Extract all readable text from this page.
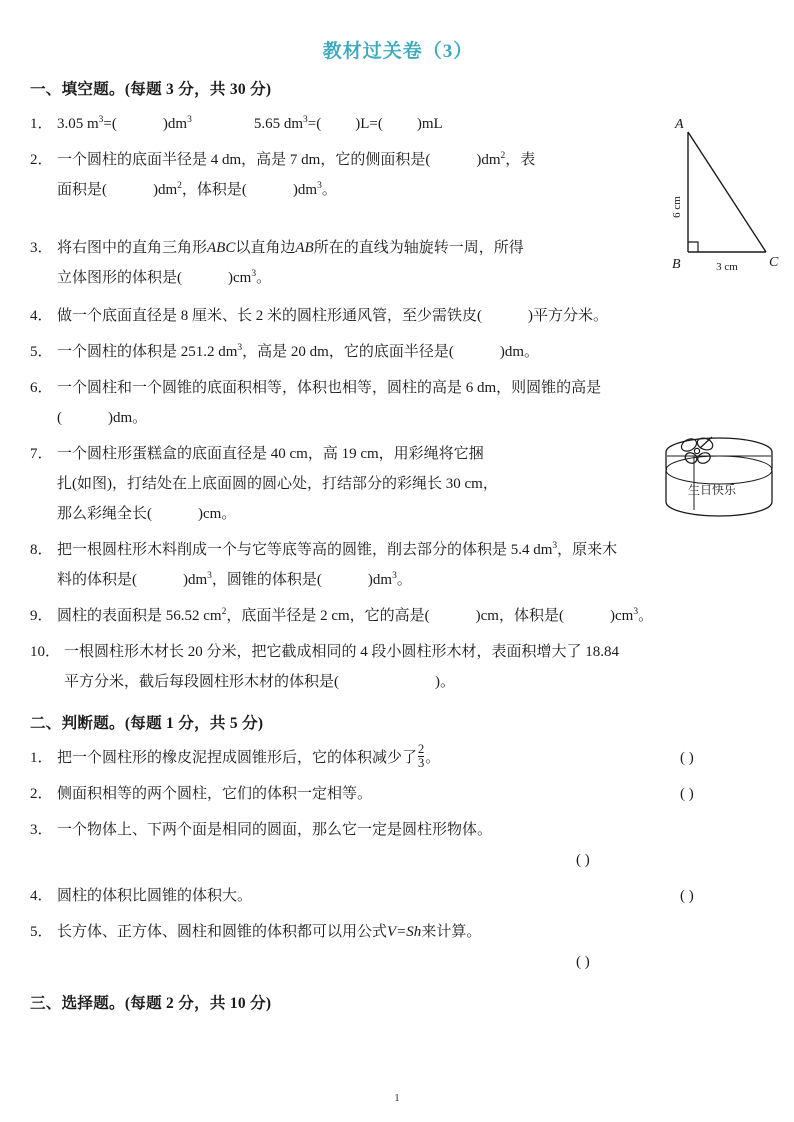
教材过关卷（3）
A
B	C
6 cm
3 cm
生日快乐
一、填空题。(每题 3 分，共 30 分)
1． 3.05 $m^3=$(	)$dm^3$	5.65 $dm^3=$( )L=( )mL

2． 一个圆柱的底面半径是 4 dm，高是 7 dm，它的侧面积是(	)$dm^2$，表

面积是(	)$dm^2$，体积是(	)$dm^3$。

3． 将右图中的直角三角形ABC以直角边AB所在的直线为轴旋转一周，所得

立体图形的体积是(	)$cm^3$。

4． 做一个底面直径是 8 厘米、长 2 米的圆柱形通风管，至少需铁皮(	)平方分米。

5． 一个圆柱的体积是 251.2 $dm^3$，高是 20 dm，它的底面半径是(	)dm。

6． 一个圆柱和一个圆锥的底面积相等，体积也相等，圆柱的高是 6 dm，则圆锥的高是

(	)dm。

7． 一个圆柱形蛋糕盒的底面直径是 40 cm，高 19 cm，用彩绳将它捆

扎(如图)，打结处在上底面圆的圆心处，打结部分的彩绳长 30 cm，

那么彩绳全长(	)cm。

8． 把一根圆柱形木料削成一个与它等底等高的圆锥，削去部分的体积是 5.4 $dm^3$，原来木

料的体积是(	)$dm^3$，圆锥的体积是(	)$dm^3$。

9． 圆柱的表面积是 56.52 $cm^2$，底面半径是 2 cm，它的高是(	)cm，体积是(	)$cm^3$。

10． 一根圆柱形木材长 20 分米，把它截成相同的 4 段小圆柱形木材，表面积增大了 18.84

平方分米，截后每段圆柱形木材的体积是(	)。

二、判断题。(每题 1 分，共 5 分)
1． 把一个圆柱形的橡皮泥捏成圆锥形后，它的体积减少了 $\frac{2}{3}$ 。	( )
2． 侧面积相等的两个圆柱，它们的体积一定相等。	( )
3． 一个物体上、下两个面是相同的圆面，那么它一定是圆柱形物体。

( )

4． 圆柱的体积比圆锥的体积大。	( )
5． 长方体、正方体、圆柱和圆锥的体积都可以用公式V=Sh来计算。

( )

三、选择题。(每题 2 分，共 10 分)
1
